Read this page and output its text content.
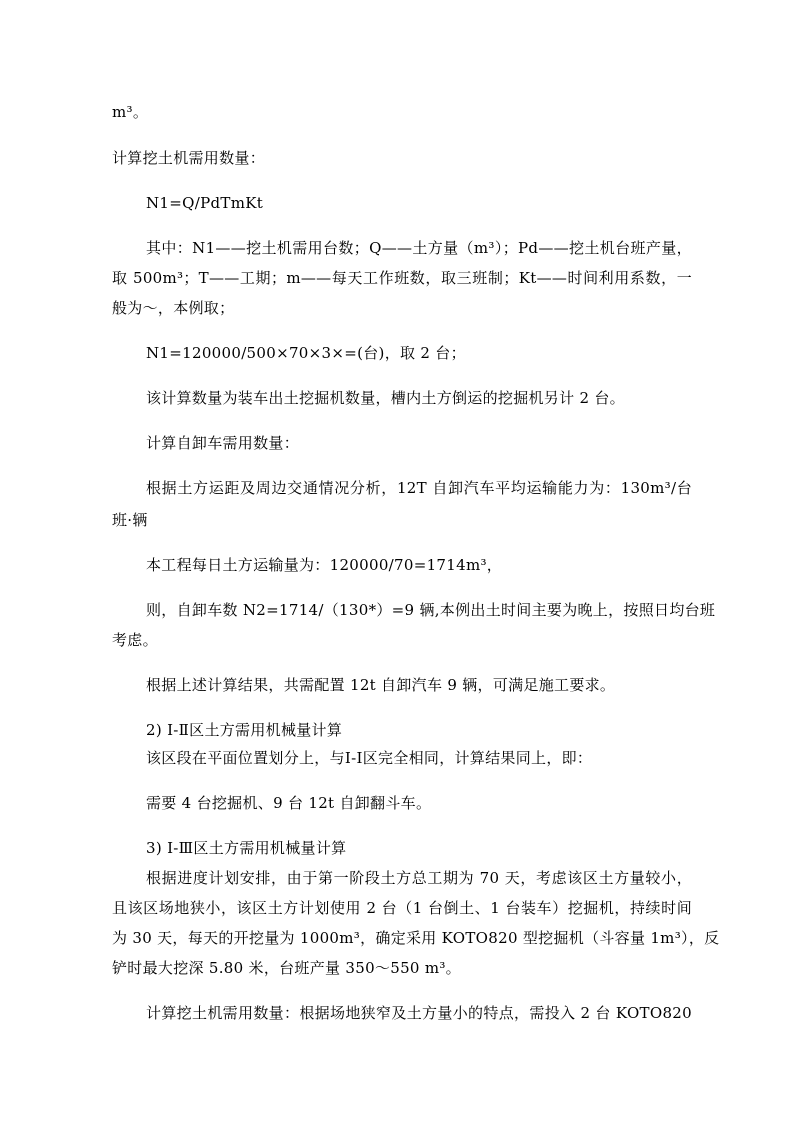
m³。
计算挖土机需用数量：
N1=Q/PdTmKt
其中：N1——挖土机需用台数；Q——土方量（m³）；Pd——挖土机台班产量，
取 500m³；T——工期；m——每天工作班数，取三班制；Kt——时间利用系数，一
般为～，本例取；
N1=120000/500×70×3×=(台)，取 2 台；
该计算数量为装车出土挖掘机数量，槽内土方倒运的挖掘机另计 2 台。
计算自卸车需用数量：
根据土方运距及周边交通情况分析，12T 自卸汽车平均运输能力为：130m³/台
班·辆
本工程每日土方运输量为：120000/70=1714m³，
则，自卸车数 N2=1714/（130*）=9 辆,本例出土时间主要为晚上，按照日均台班
考虑。
根据上述计算结果，共需配置 12t 自卸汽车 9 辆，可满足施工要求。
2) Ⅰ-Ⅱ区土方需用机械量计算
该区段在平面位置划分上，与Ⅰ-Ⅰ区完全相同，计算结果同上，即：
需要 4 台挖掘机、9 台 12t 自卸翻斗车。
3) Ⅰ-Ⅲ区土方需用机械量计算
根据进度计划安排，由于第一阶段土方总工期为 70 天，考虑该区土方量较小，
且该区场地狭小，该区土方计划使用 2 台（1 台倒土、1 台装车）挖掘机，持续时间
为 30 天，每天的开挖量为 1000m³，确定采用 KOTO820 型挖掘机（斗容量 1m³），反
铲时最大挖深 5.80 米，台班产量 350～550 m³。
计算挖土机需用数量：根据场地狭窄及土方量小的特点，需投入 2 台 KOTO820
